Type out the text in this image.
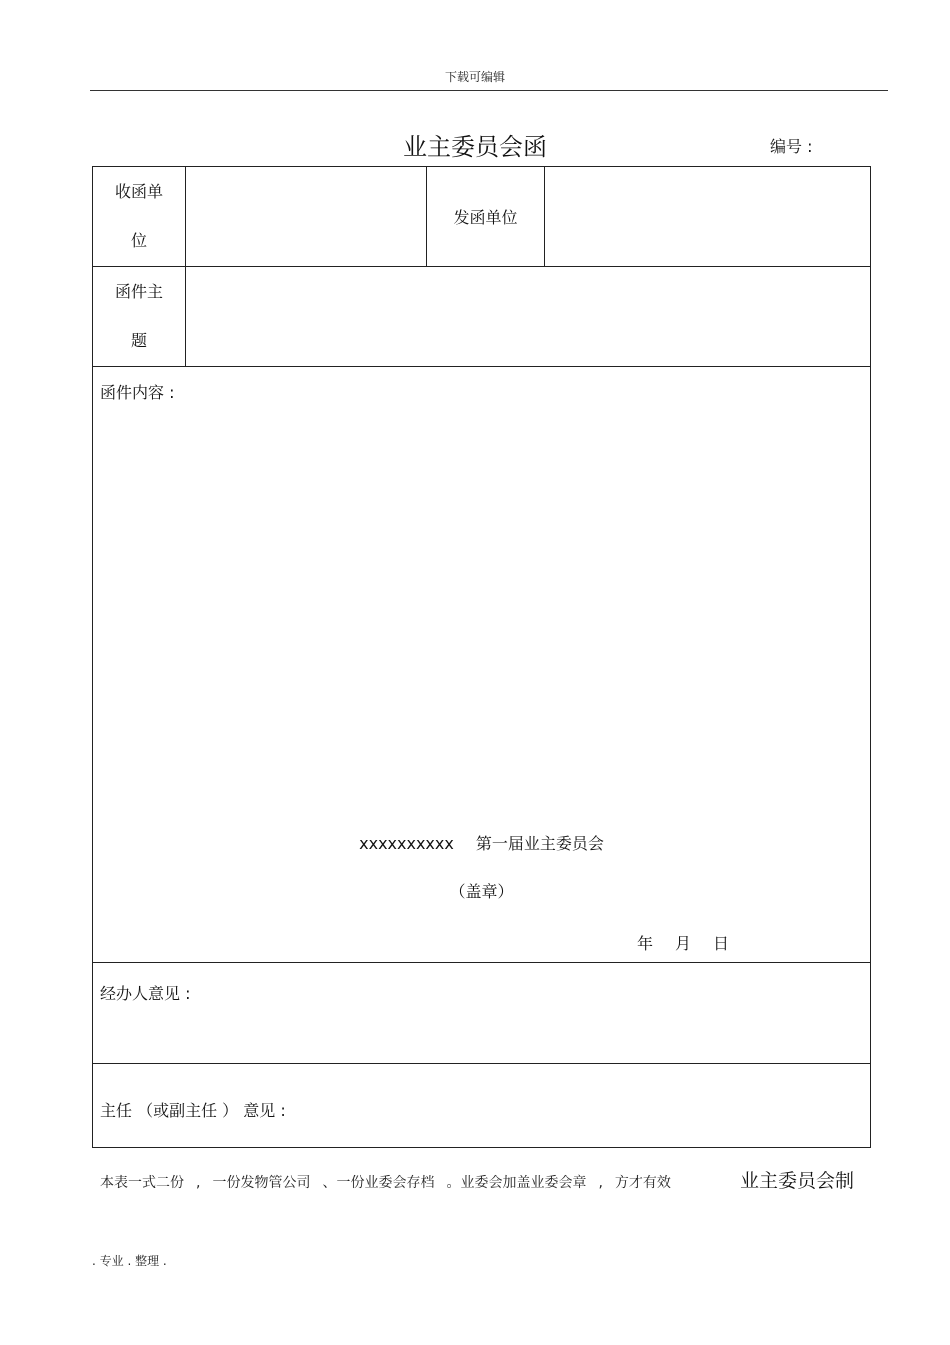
下载可编辑
业主委员会函	编号 :
收函单
位		发函单位	

函件主
题			

函件内容 :
xxxxxxxxxx 第一届业主委员会
（盖章）
年 月 日			

经办人意见 :			

主任 （或副主任 ） 意见 :			
本表一式二份 , 一份发物管公司 、一份业委会存档 。业委会加盖业委会章 , 方才有效	业主委员会制
. 专业 . 整理 .
